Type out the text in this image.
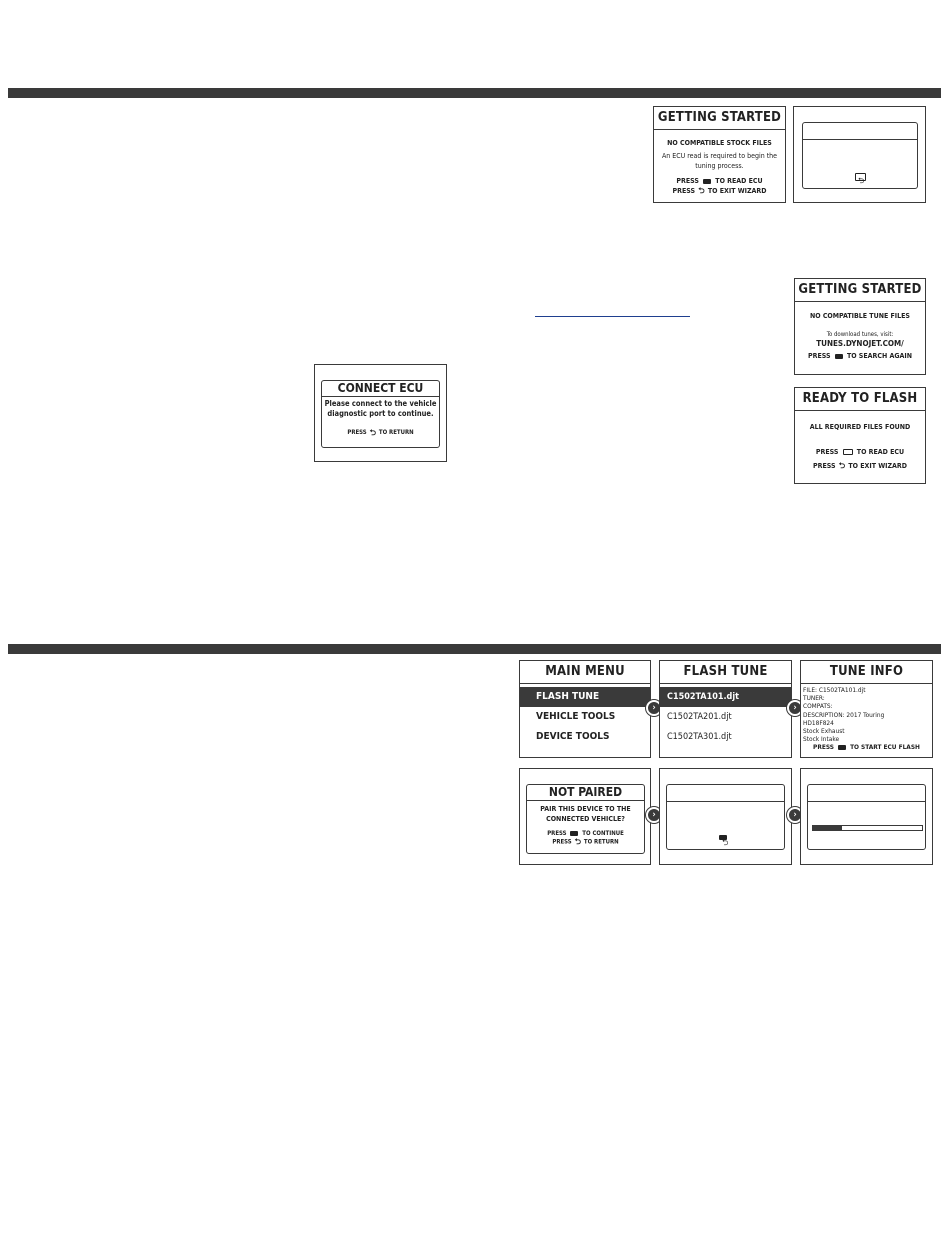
GETTING STARTED
NO COMPATIBLE STOCK FILES
An ECU read is required to begin the
tuning process.
PRESS TO READ ECU
PRESS ⮌ TO EXIT WIZARD
⮌
GETTING STARTED
NO COMPATIBLE TUNE FILES
To download tunes, visit:
TUNES.DYNOJET.COM/
PRESS TO SEARCH AGAIN
READY TO FLASH
ALL REQUIRED FILES FOUND
PRESS	TO READ ECU
PRESS ⮌ TO EXIT WIZARD
CONNECT ECU
Please connect to the vehicle
diagnostic port to continue.
PRESS ⮌ TO RETURN
MAIN MENU
FLASH TUNE
VEHICLE TOOLS
DEVICE TOOLS
›
FLASH TUNE
C1502TA101.djt
C1502TA201.djt
C1502TA301.djt
›
TUNE INFO
FILE: C1502TA101.djt
TUNER:
COMPATS:
DESCRIPTION: 2017 Touring
HD18F824
Stock Exhaust
Stock Intake
PRESS TO START ECU FLASH
NOT PAIRED
PAIR THIS DEVICE TO THE
CONNECTED VEHICLE?
PRESS	TO CONTINUE
PRESS ⮌ TO RETURN
›
⮌
›
